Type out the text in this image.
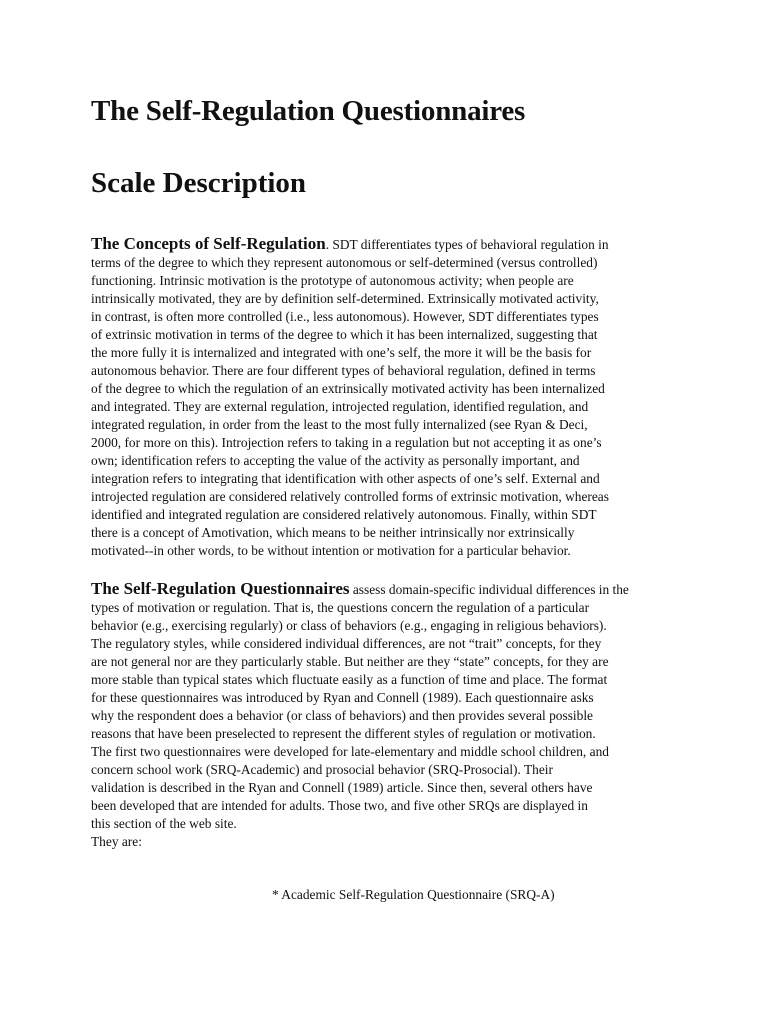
The Self-Regulation Questionnaires
Scale Description
The Concepts of Self-Regulation. SDT differentiates types of behavioral regulation in
terms of the degree to which they represent autonomous or self-determined (versus controlled)
functioning. Intrinsic motivation is the prototype of autonomous activity; when people are
intrinsically motivated, they are by definition self-determined. Extrinsically motivated activity,
in contrast, is often more controlled (i.e., less autonomous). However, SDT differentiates types
of extrinsic motivation in terms of the degree to which it has been internalized, suggesting that
the more fully it is internalized and integrated with one’s self, the more it will be the basis for
autonomous behavior. There are four different types of behavioral regulation, defined in terms
of the degree to which the regulation of an extrinsically motivated activity has been internalized
and integrated. They are external regulation, introjected regulation, identified regulation, and
integrated regulation, in order from the least to the most fully internalized (see Ryan & Deci,
2000, for more on this). Introjection refers to taking in a regulation but not accepting it as one’s
own; identification refers to accepting the value of the activity as personally important, and
integration refers to integrating that identification with other aspects of one’s self. External and
introjected regulation are considered relatively controlled forms of extrinsic motivation, whereas
identified and integrated regulation are considered relatively autonomous. Finally, within SDT
there is a concept of Amotivation, which means to be neither intrinsically nor extrinsically
motivated--in other words, to be without intention or motivation for a particular behavior.
The Self-Regulation Questionnaires assess domain-specific individual differences in the
types of motivation or regulation. That is, the questions concern the regulation of a particular
behavior (e.g., exercising regularly) or class of behaviors (e.g., engaging in religious behaviors).
The regulatory styles, while considered individual differences, are not “trait” concepts, for they
are not general nor are they particularly stable. But neither are they “state” concepts, for they are
more stable than typical states which fluctuate easily as a function of time and place. The format
for these questionnaires was introduced by Ryan and Connell (1989). Each questionnaire asks
why the respondent does a behavior (or class of behaviors) and then provides several possible
reasons that have been preselected to represent the different styles of regulation or motivation.
The first two questionnaires were developed for late-elementary and middle school children, and
concern school work (SRQ-Academic) and prosocial behavior (SRQ-Prosocial). Their
validation is described in the Ryan and Connell (1989) article. Since then, several others have
been developed that are intended for adults. Those two, and five other SRQs are displayed in
this section of the web site.
They are:

* Academic Self-Regulation Questionnaire (SRQ-A)
